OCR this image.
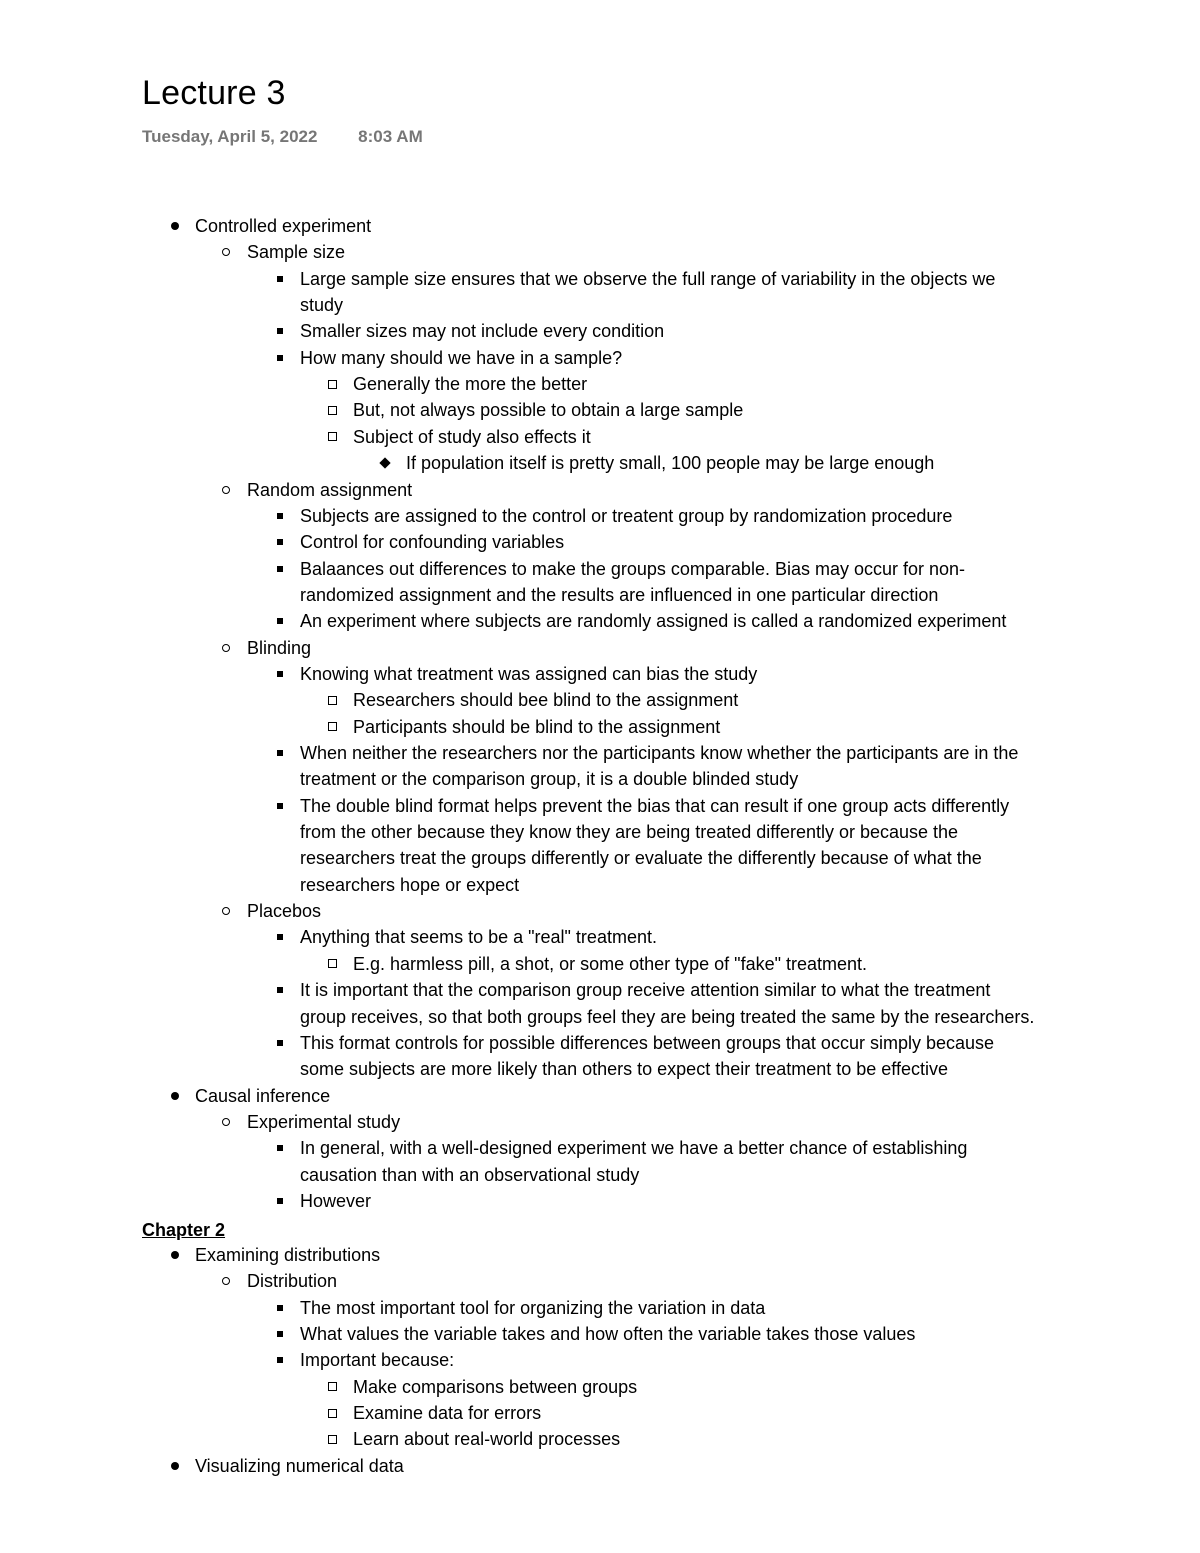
Lecture 3
Tuesday, April 5, 2022 8:03 AM
Controlled experiment
Sample size
Large sample size ensures that we observe the full range of variability in the objects we
study
Smaller sizes may not include every condition
How many should we have in a sample?
Generally the more the better
But, not always possible to obtain a large sample
Subject of study also effects it
If population itself is pretty small, 100 people may be large enough
Random assignment
Subjects are assigned to the control or treatent group by randomization procedure
Control for confounding variables
Balaances out differences to make the groups comparable. Bias may occur for non-
randomized assignment and the results are influenced in one particular direction
An experiment where subjects are randomly assigned is called a randomized experiment
Blinding
Knowing what treatment was assigned can bias the study
Researchers should bee blind to the assignment
Participants should be blind to the assignment
When neither the researchers nor the participants know whether the participants are in the
treatment or the comparison group, it is a double blinded study
The double blind format helps prevent the bias that can result if one group acts differently
from the other because they know they are being treated differently or because the
researchers treat the groups differently or evaluate the differently because of what the
researchers hope or expect
Placebos
Anything that seems to be a "real" treatment.
E.g. harmless pill, a shot, or some other type of "fake" treatment.
It is important that the comparison group receive attention similar to what the treatment
group receives, so that both groups feel they are being treated the same by the researchers.
This format controls for possible differences between groups that occur simply because
some subjects are more likely than others to expect their treatment to be effective
Causal inference
Experimental study
In general, with a well-designed experiment we have a better chance of establishing
causation than with an observational study
However
Chapter 2
Examining distributions
Distribution
The most important tool for organizing the variation in data
What values the variable takes and how often the variable takes those values
Important because:
Make comparisons between groups
Examine data for errors
Learn about real-world processes
Visualizing numerical data
